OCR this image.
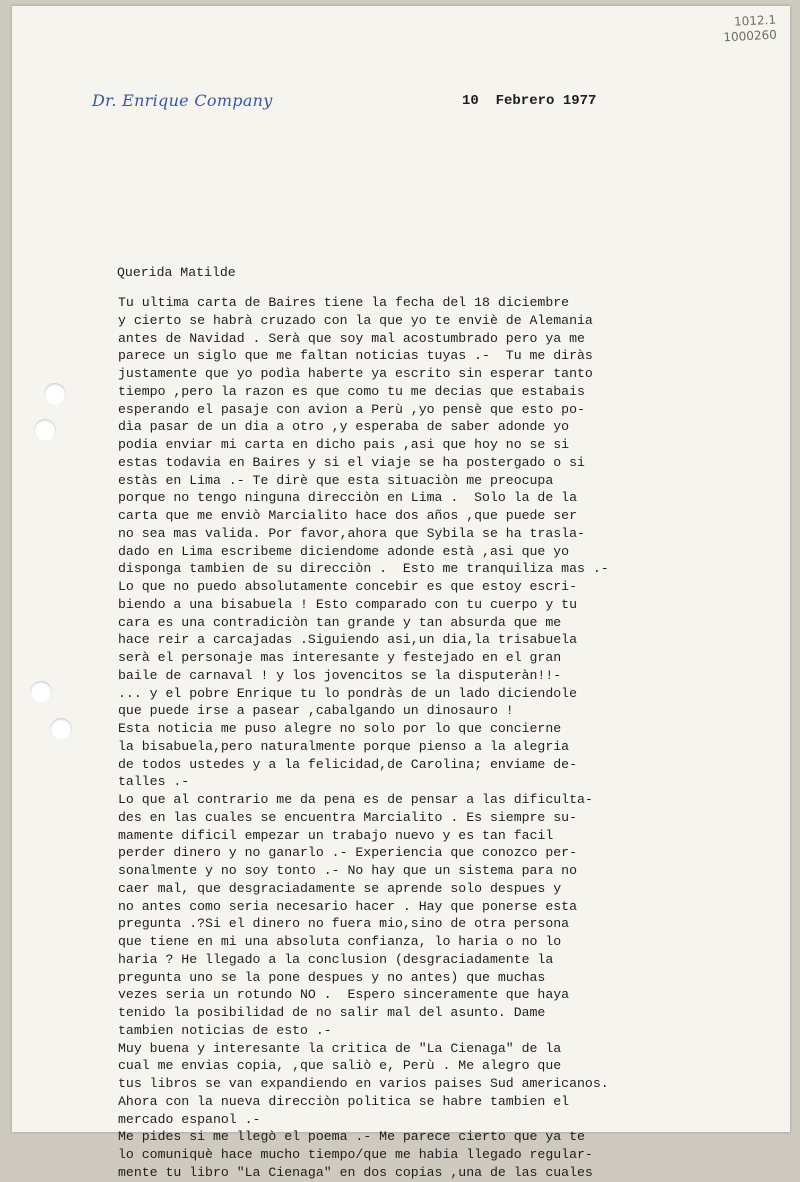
1012.1
1000260
Dr. Enrique Company	10  Febrero 1977
Querida Matilde
Tu ultima carta de Baires tiene la fecha del 18 diciembre
y cierto se habrà cruzado con la que yo te enviè de Alemania
antes de Navidad . Serà que soy mal acostumbrado pero ya me
parece un siglo que me faltan noticias tuyas .-  Tu me diràs
justamente que yo podìa haberte ya escrito sin esperar tanto
tiempo ,pero la razon es que como tu me decias que estabais
esperando el pasaje con avion a Perù ,yo pensè que esto po-
dìa pasar de un dia a otro ,y esperaba de saber adonde yo
podia enviar mi carta en dicho pais ,asi que hoy no se si
estas todavia en Baires y si el viaje se ha postergado o si
estàs en Lima .- Te dirè que esta situaciòn me preocupa
porque no tengo ninguna direcciòn en Lima .  Solo la de la
carta que me enviò Marcialito hace dos años ,que puede ser
no sea mas valida. Por favor,ahora que Sybila se ha trasla-
dado en Lima escribeme diciendome adonde està ,asi que yo
disponga tambien de su direcciòn .  Esto me tranquiliza mas .-
Lo que no puedo absolutamente concebir es que estoy escri-
biendo a una bisabuela ! Esto comparado con tu cuerpo y tu
cara es una contradiciòn tan grande y tan absurda que me
hace reir a carcajadas .Siguiendo asi,un dia,la trisabuela
serà el personaje mas interesante y festejado en el gran
baile de carnaval ! y los jovencitos se la disputeràn!!-
... y el pobre Enrique tu lo pondràs de un lado diciendole
que puede irse a pasear ,cabalgando un dinosauro !
Esta noticia me puso alegre no solo por lo que concierne
la bisabuela,pero naturalmente porque pienso a la alegria
de todos ustedes y a la felicidad,de Carolina; enviame de-
talles .-
Lo que al contrario me da pena es de pensar a las dificulta-
des en las cuales se encuentra Marcialito . Es siempre su-
mamente dificil empezar un trabajo nuevo y es tan facil
perder dinero y no ganarlo .- Experiencia que conozco per-
sonalmente y no soy tonto .- No hay que un sistema para no
caer mal, que desgraciadamente se aprende solo despues y
no antes como seria necesario hacer . Hay que ponerse esta
pregunta .?Si el dinero no fuera mio,sino de otra persona
que tiene en mi una absoluta confianza, lo haria o no lo
haria ? He llegado a la conclusion (desgraciadamente la
pregunta uno se la pone despues y no antes) que muchas
vezes seria un rotundo NO .  Espero sinceramente que haya
tenido la posibilidad de no salir mal del asunto. Dame
tambien noticias de esto .-
Muy buena y interesante la critica de "La Cienaga" de la
cual me envias copia, ,que saliò e, Perù . Me alegro que
tus libros se van expandiendo en varios paises Sud americanos.
Ahora con la nueva direcciòn politica se habre tambien el
mercado espanol .-
Me pides si me llegò el poema .- Me parece cierto que ya te
lo comuniquè hace mucho tiempo/que me habia llegado regular-
mente tu libro "La Cienaga" en dos copias ,una de las cuales
